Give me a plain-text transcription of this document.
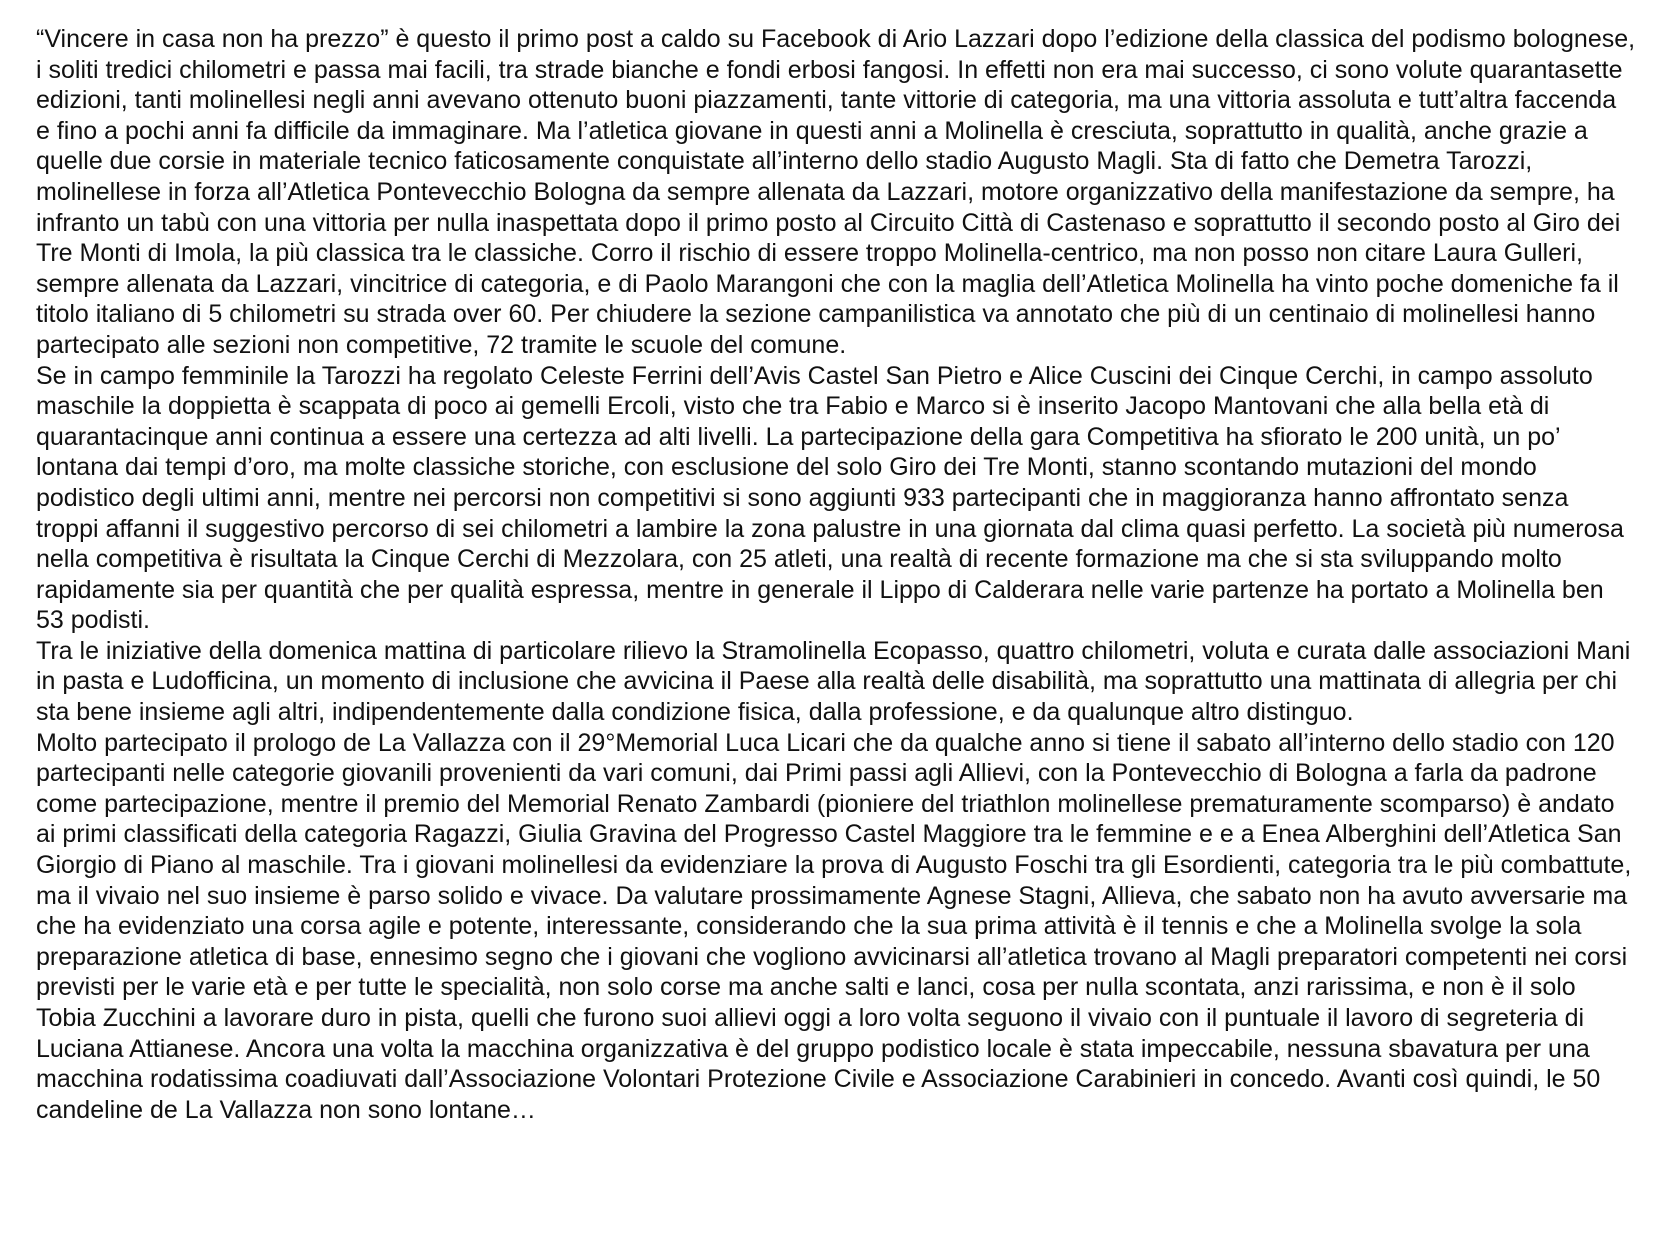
“Vincere in casa non ha prezzo” è questo il primo post a caldo su Facebook di Ario Lazzari dopo l’edizione della classica del podismo bolognese, i soliti tredici chilometri e passa mai facili, tra strade bianche e fondi erbosi fangosi. In effetti non era mai successo, ci sono volute quarantasette edizioni, tanti molinellesi negli anni avevano ottenuto buoni piazzamenti, tante vittorie di categoria, ma una vittoria assoluta e tutt’altra faccenda e fino a pochi anni fa difficile da immaginare. Ma l’atletica giovane in questi anni a Molinella è cresciuta, soprattutto in qualità, anche grazie a quelle due corsie in materiale tecnico faticosamente conquistate all’interno dello stadio Augusto Magli. Sta di fatto che Demetra Tarozzi, molinellese in forza all’Atletica Pontevecchio Bologna da sempre allenata da Lazzari, motore organizzativo della manifestazione da sempre, ha infranto un tabù con una vittoria per nulla inaspettata dopo il primo posto al Circuito Città di Castenaso e soprattutto il secondo posto al Giro dei Tre Monti di Imola, la più classica tra le classiche. Corro il rischio di essere troppo Molinella-centrico, ma non posso non citare Laura Gulleri, sempre allenata da Lazzari, vincitrice di categoria, e di Paolo Marangoni che con la maglia dell’Atletica Molinella ha vinto poche domeniche fa il titolo italiano di 5 chilometri su strada over 60. Per chiudere la sezione campanilistica va annotato che più di un centinaio di molinellesi hanno partecipato alle sezioni non competitive, 72 tramite le scuole del comune.

Se in campo femminile la Tarozzi ha regolato Celeste Ferrini dell’Avis Castel San Pietro e Alice Cuscini dei Cinque Cerchi, in campo assoluto maschile la doppietta è scappata di poco ai gemelli Ercoli, visto che tra Fabio e Marco si è inserito Jacopo Mantovani che alla bella età di quarantacinque anni continua a essere una certezza ad alti livelli. La partecipazione della gara Competitiva ha sfiorato le 200 unità, un po’ lontana dai tempi d’oro, ma molte classiche storiche, con esclusione del solo Giro dei Tre Monti, stanno scontando mutazioni del mondo podistico degli ultimi anni, mentre nei percorsi non competitivi si sono aggiunti 933 partecipanti che in maggioranza hanno affrontato senza troppi affanni il suggestivo percorso di sei chilometri a lambire la zona palustre in una giornata dal clima quasi perfetto. La società più numerosa nella competitiva è risultata la Cinque Cerchi di Mezzolara, con 25 atleti, una realtà di recente formazione ma che si sta sviluppando molto rapidamente sia per quantità che per qualità espressa, mentre in generale il Lippo di Calderara nelle varie partenze ha portato a Molinella ben 53 podisti.

Tra le iniziative della domenica mattina di particolare rilievo la Stramolinella Ecopasso, quattro chilometri, voluta e curata dalle associazioni Mani in pasta e Ludofficina, un momento di inclusione che avvicina il Paese alla realtà delle disabilità, ma soprattutto una mattinata di allegria per chi sta bene insieme agli altri, indipendentemente dalla condizione fisica, dalla professione, e da qualunque altro distinguo.

Molto partecipato il prologo de La Vallazza con il 29°Memorial Luca Licari che da qualche anno si tiene il sabato all’interno dello stadio con 120 partecipanti nelle categorie giovanili provenienti da vari comuni, dai Primi passi agli Allievi, con la Pontevecchio di Bologna a farla da padrone come partecipazione, mentre il premio del Memorial Renato Zambardi (pioniere del triathlon molinellese prematuramente scomparso) è andato ai primi classificati della categoria Ragazzi, Giulia Gravina del Progresso Castel Maggiore tra le femmine e e a Enea Alberghini dell’Atletica San Giorgio di Piano al maschile. Tra i giovani molinellesi da evidenziare la prova di Augusto Foschi tra gli Esordienti, categoria tra le più combattute, ma il vivaio nel suo insieme è parso solido e vivace. Da valutare prossimamente Agnese Stagni, Allieva, che sabato non ha avuto avversarie ma che ha evidenziato una corsa agile e potente, interessante, considerando che la sua prima attività è il tennis e che a Molinella svolge la sola preparazione atletica di base, ennesimo segno che i giovani che vogliono avvicinarsi all’atletica trovano al Magli preparatori competenti nei corsi previsti per le varie età e per tutte le specialità, non solo corse ma anche salti e lanci, cosa per nulla scontata, anzi rarissima, e non è il solo Tobia Zucchini a lavorare duro in pista, quelli che furono suoi allievi oggi a loro volta seguono il vivaio con il puntuale il lavoro di segreteria di Luciana Attianese. Ancora una volta la macchina organizzativa è del gruppo podistico locale è stata impeccabile, nessuna sbavatura per una macchina rodatissima coadiuvati dall’Associazione Volontari Protezione Civile e Associazione Carabinieri in concedo. Avanti così quindi, le 50 candeline de La Vallazza non sono lontane…
